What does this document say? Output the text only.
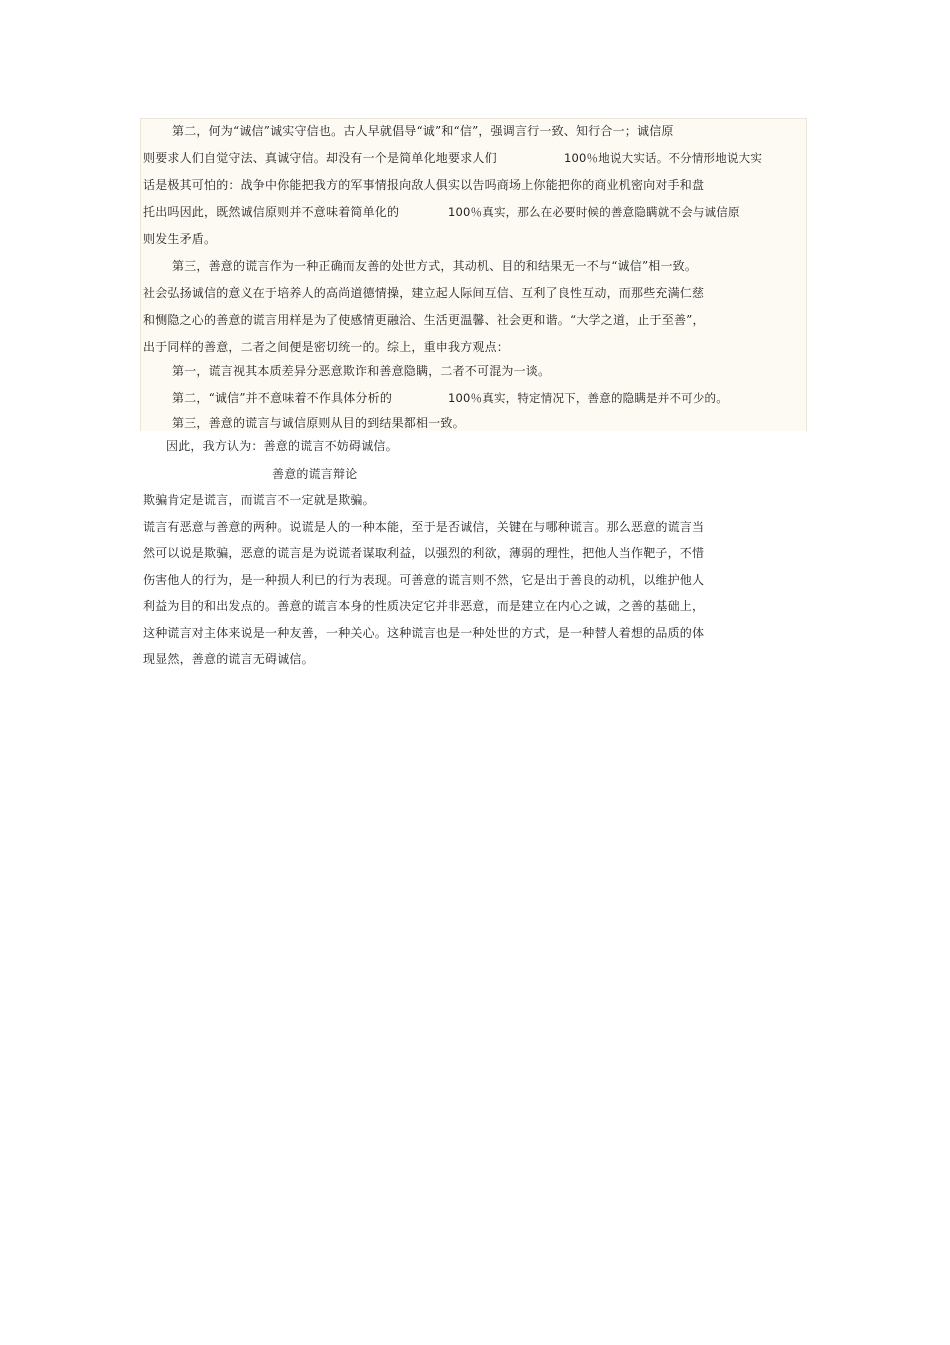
第二，何为“诚信”诚实守信也。古人早就倡导“诚”和“信”，强调言行一致、知行合一；诚信原
则要求人们自觉守法、真诚守信。却没有一个是简单化地要求人们	100％地说大实话。不分情形地说大实
话是极其可怕的：战争中你能把我方的军事情报向敌人俱实以告吗商场上你能把你的商业机密向对手和盘
托出吗因此，既然诚信原则并不意味着简单化的	100％真实，那么在必要时候的善意隐瞒就不会与诚信原
则发生矛盾。
第三，善意的谎言作为一种正确而友善的处世方式，其动机、目的和结果无一不与“诚信”相一致。
社会弘扬诚信的意义在于培养人的高尚道德情操，建立起人际间互信、互利了良性互动，而那些充满仁慈
和恻隐之心的善意的谎言用样是为了使感情更融洽、生活更温馨、社会更和谐。“大学之道，止于至善”，
出于同样的善意，二者之间便是密切统一的。综上，重申我方观点：
第一，谎言视其本质差异分恶意欺诈和善意隐瞒，二者不可混为一谈。
第二，“诚信”并不意味着不作具体分析的	100％真实，特定情况下，善意的隐瞒是并不可少的。
第三，善意的谎言与诚信原则从目的到结果都相一致。
因此，我方认为：善意的谎言不妨碍诚信。
善意的谎言辩论
欺骗肯定是谎言，而谎言不一定就是欺骗。
谎言有恶意与善意的两种。说谎是人的一种本能，至于是否诚信，关键在与哪种谎言。那么恶意的谎言当
然可以说是欺骗，恶意的谎言是为说谎者谋取利益，以强烈的利欲，薄弱的理性，把他人当作靶子，不惜
伤害他人的行为，是一种损人利已的行为表现。可善意的谎言则不然，它是出于善良的动机，以维护他人
利益为目的和出发点的。善意的谎言本身的性质决定它并非恶意，而是建立在内心之诚，之善的基础上，
这种谎言对主体来说是一种友善，一种关心。这种谎言也是一种处世的方式，是一种替人着想的品质的体
现显然，善意的谎言无碍诚信。
